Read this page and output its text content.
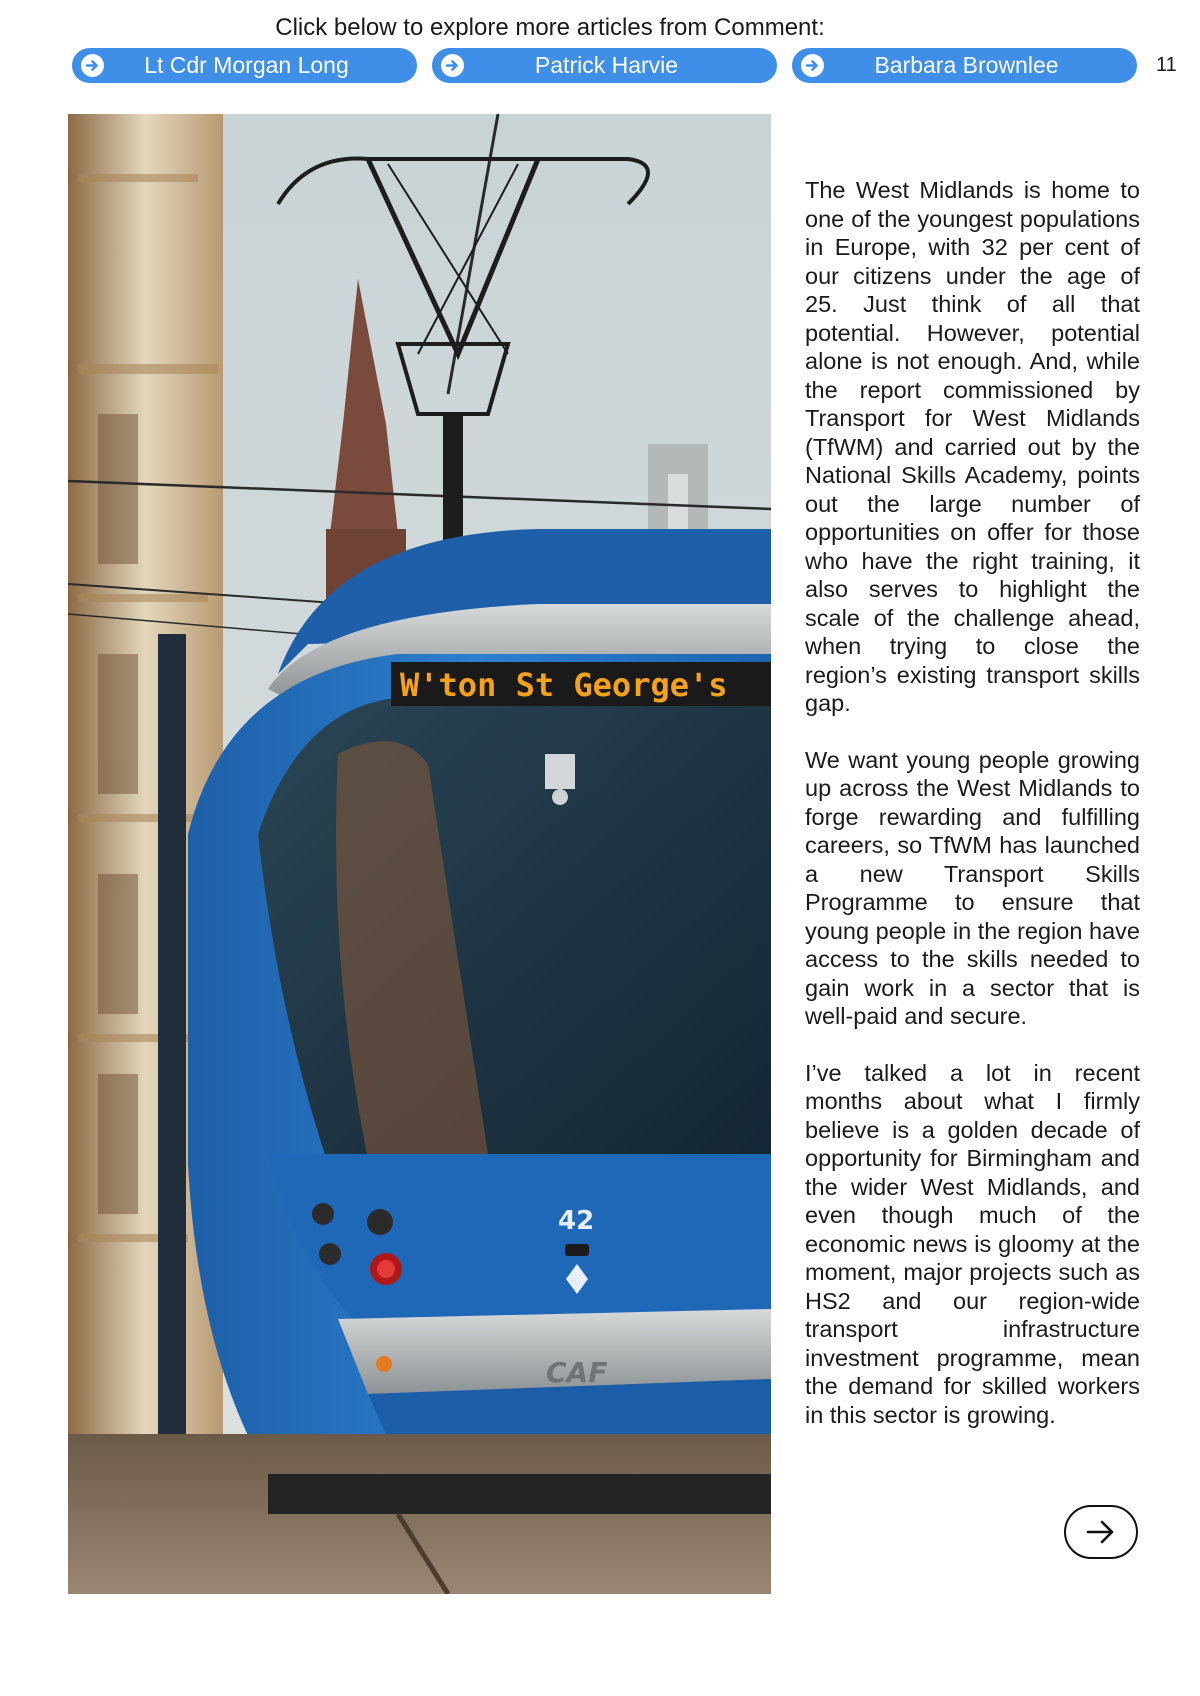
Click below to explore more articles from Comment:
Lt Cdr Morgan Long	Patrick Harvie	Barbara Brownlee	11
W'ton St George's
42
CAF

The West Midlands is home to one of the youngest populations in Europe, with 32 per cent of our citizens under the age of 25. Just think of all that potential. However, potential alone is not enough. And, while the report commissioned by Transport for West Midlands (TfWM) and carried out by the National Skills Academy, points out the large number of opportunities on offer for those who have the right training, it also serves to highlight the scale of the challenge ahead, when trying to close the region’s existing transport skills gap.

We want young people growing up across the West Midlands to forge rewarding and fulfilling careers, so TfWM has launched a new Transport Skills Programme to ensure that young people in the region have access to the skills needed to gain work in a sector that is well-paid and secure.

I’ve talked a lot in recent months about what I firmly believe is a golden decade of opportunity for Birmingham and the wider West Midlands, and even though much of the economic news is gloomy at the moment, major projects such as HS2 and our region-wide transport infrastructure investment programme, mean the demand for skilled workers in this sector is growing.
